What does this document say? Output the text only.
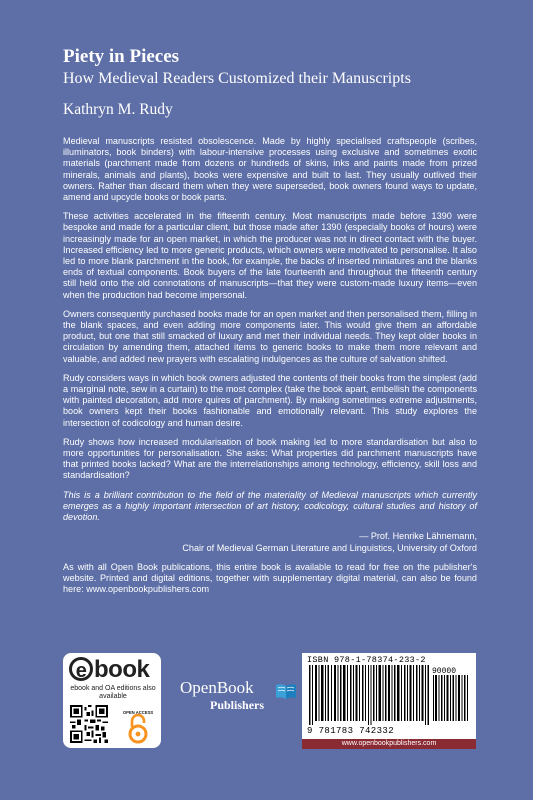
Piety in Pieces
How Medieval Readers Customized their Manuscripts
Kathryn M. Rudy

Medieval manuscripts resisted obsolescence. Made by highly specialised craftspeople (scribes, illuminators, book binders) with labour-intensive processes using exclusive and sometimes exotic materials (parchment made from dozens or hundreds of skins, inks and paints made from prized minerals, animals and plants), books were expensive and built to last. They usually outlived their owners. Rather than discard them when they were superseded, book owners found ways to update, amend and upcycle books or book parts.

These activities accelerated in the fifteenth century. Most manuscripts made before 1390 were bespoke and made for a particular client, but those made after 1390 (especially books of hours) were increasingly made for an open market, in which the producer was not in direct contact with the buyer. Increased efficiency led to more generic products, which owners were motivated to personalise. It also led to more blank parchment in the book, for example, the backs of inserted miniatures and the blanks ends of textual components. Book buyers of the late fourteenth and throughout the fifteenth century still held onto the old connotations of manuscripts—that they were custom-made luxury items—even when the production had become impersonal.

Owners consequently purchased books made for an open market and then personalised them, filling in the blank spaces, and even adding more components later. This would give them an affordable product, but one that still smacked of luxury and met their individual needs. They kept older books in circulation by amending them, attached items to generic books to make them more relevant and valuable, and added new prayers with escalating indulgences as the culture of salvation shifted.

Rudy considers ways in which book owners adjusted the contents of their books from the simplest (add a marginal note, sew in a curtain) to the most complex (take the book apart, embellish the components with painted decoration, add more quires of parchment). By making sometimes extreme adjustments, book owners kept their books fashionable and emotionally relevant. This study explores the intersection of codicology and human desire.

Rudy shows how increased modularisation of book making led to more standardisation but also to more opportunities for personalisation. She asks: What properties did parchment manuscripts have that printed books lacked? What are the interrelationships among technology, efficiency, skill loss and standardisation?

This is a brilliant contribution to the field of the materiality of Medieval manuscripts which currently emerges as a highly important intersection of art history, codicology, cultural studies and history of devotion.

— Prof. Henrike Lähnemann,

Chair of Medieval German Literature and Linguistics, University of Oxford

As with all Open Book publications, this entire book is available to read for free on the publisher's website. Printed and digital editions, together with supplementary digital material, can also be found here: www.openbookpublishers.com

e book
ebook and OA editions also available
OPEN ACCESS
OpenBook
Publishers
ISBN 978-1-78374-233-2
90000
9 781783 742332
www.openbookpublishers.com
